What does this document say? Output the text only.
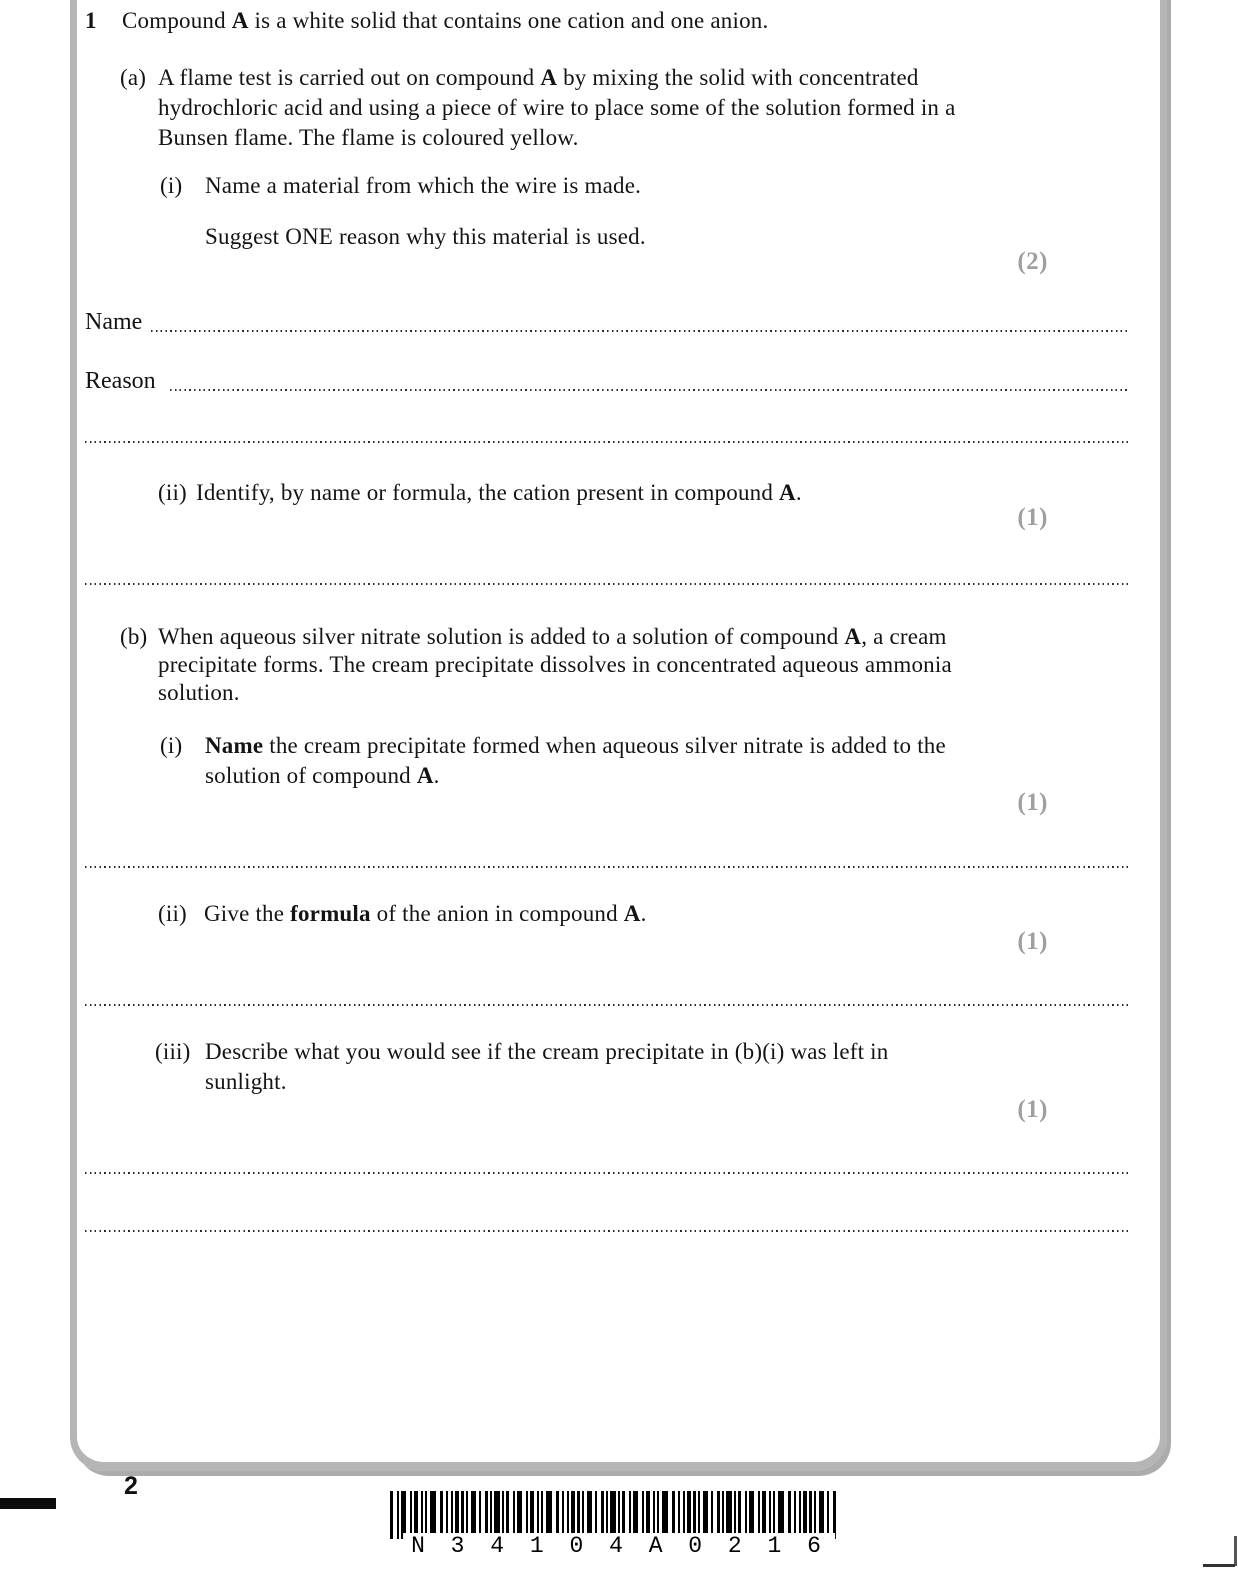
1 Compound A is a white solid that contains one cation and one anion.
(a) A flame test is carried out on compound A by mixing the solid with concentrated
hydrochloric acid and using a piece of wire to place some of the solution formed in a
Bunsen flame. The flame is coloured yellow.
(i) Name a material from which the wire is made.
Suggest ONE reason why this material is used.
(2)
Name
Reason
(ii) Identify, by name or formula, the cation present in compound A.
(1)
(b) When aqueous silver nitrate solution is added to a solution of compound A, a cream
precipitate forms. The cream precipitate dissolves in concentrated aqueous ammonia
solution.
(i) Name the cream precipitate formed when aqueous silver nitrate is added to the
solution of compound A.
(1)
(ii) Give the formula of the anion in compound A.
(1)
(iii) Describe what you would see if the cream precipitate in (b)(i) was left in
sunlight.
(1)
2
N 3 4 1 0 4 A 0 2 1 6
